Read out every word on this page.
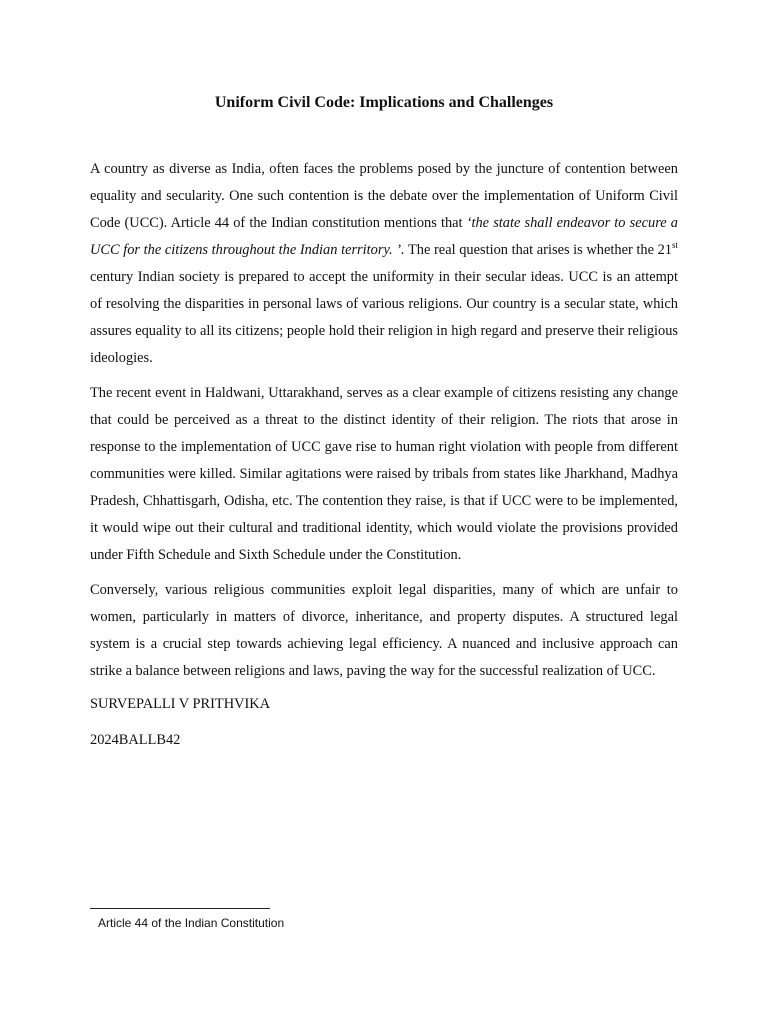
Uniform Civil Code: Implications and Challenges

A country as diverse as India, often faces the problems posed by the juncture of contention between equality and secularity. One such contention is the debate over the implementation of Uniform Civil Code (UCC). Article 44 of the Indian constitution mentions that ‘the state shall endeavor to secure a UCC for the citizens throughout the Indian territory. ’. The real question that arises is whether the 21st century Indian society is prepared to accept the uniformity in their secular ideas. UCC is an attempt of resolving the disparities in personal laws of various religions. Our country is a secular state, which assures equality to all its citizens; people hold their religion in high regard and preserve their religious ideologies.

The recent event in Haldwani, Uttarakhand, serves as a clear example of citizens resisting any change that could be perceived as a threat to the distinct identity of their religion. The riots that arose in response to the implementation of UCC gave rise to human right violation with people from different communities were killed. Similar agitations were raised by tribals from states like Jharkhand, Madhya Pradesh, Chhattisgarh, Odisha, etc. The contention they raise, is that if UCC were to be implemented, it would wipe out their cultural and traditional identity, which would violate the provisions provided under Fifth Schedule and Sixth Schedule under the Constitution.

Conversely, various religious communities exploit legal disparities, many of which are unfair to women, particularly in matters of divorce, inheritance, and property disputes. A structured legal system is a crucial step towards achieving legal efficiency. A nuanced and inclusive approach can strike a balance between religions and laws, paving the way for the successful realization of UCC.

SURVEPALLI V PRITHVIKA

2024BALLB42

Article 44 of the Indian Constitution
